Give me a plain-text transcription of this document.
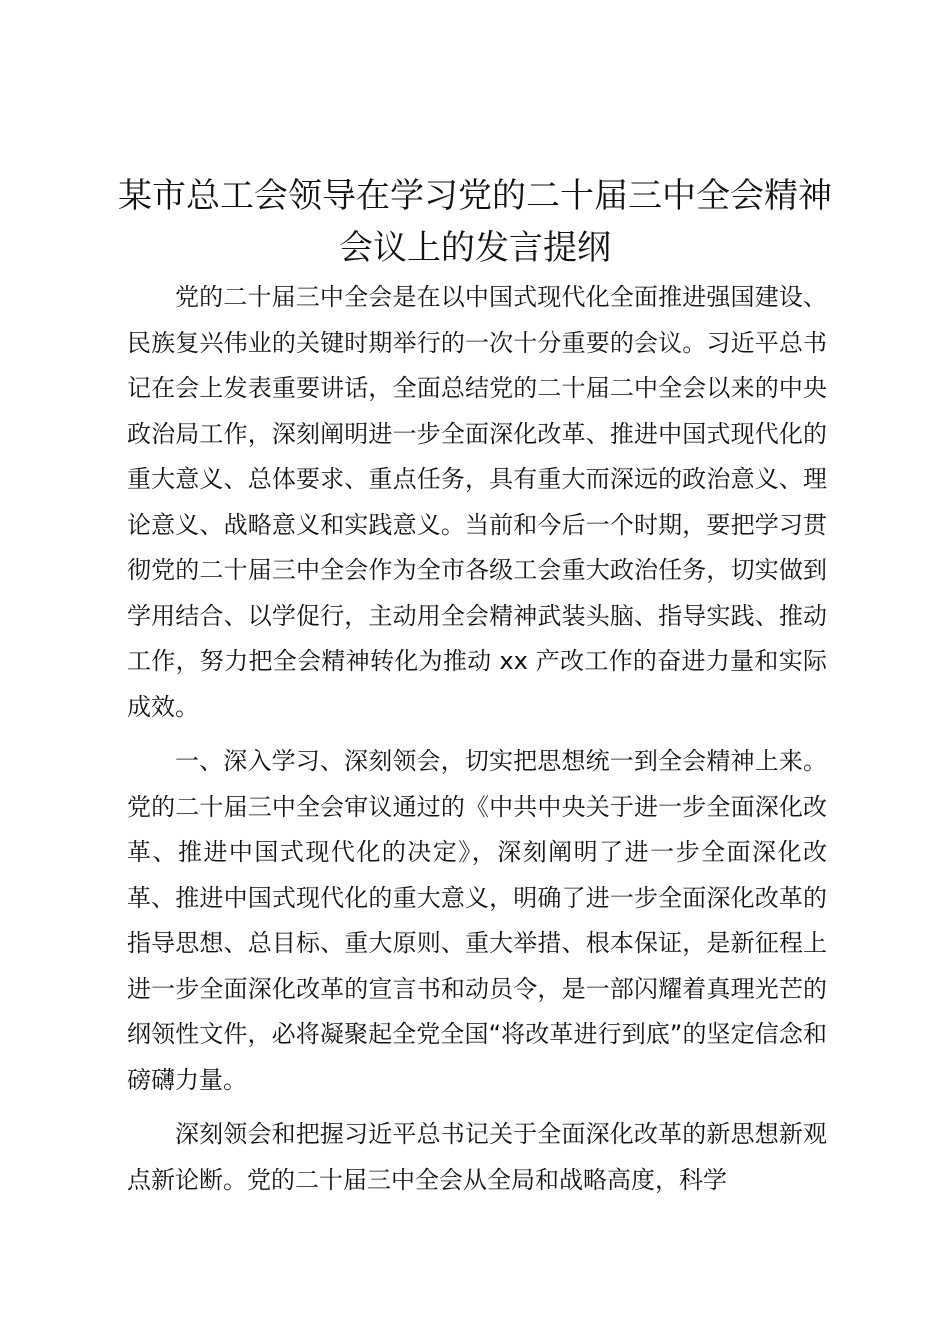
某市总工会领导在学习党的二十届三中全会精神会议上的发言提纲

党的二十届三中全会是在以中国式现代化全面推进强国建设、民族复兴伟业的关键时期举行的一次十分重要的会议。习近平总书记在会上发表重要讲话，全面总结党的二十届二中全会以来的中央政治局工作，深刻阐明进一步全面深化改革、推进中国式现代化的重大意义、总体要求、重点任务，具有重大而深远的政治意义、理论意义、战略意义和实践意义。当前和今后一个时期，要把学习贯彻党的二十届三中全会作为全市各级工会重大政治任务，切实做到学用结合、以学促行，主动用全会精神武装头脑、指导实践、推动工作，努力把全会精神转化为推动 xx 产改工作的奋进力量和实际成效。

一、深入学习、深刻领会，切实把思想统一到全会精神上来。党的二十届三中全会审议通过的《中共中央关于进一步全面深化改革、推进中国式现代化的决定》，深刻阐明了进一步全面深化改革、推进中国式现代化的重大意义，明确了进一步全面深化改革的指导思想、总目标、重大原则、重大举措、根本保证，是新征程上进一步全面深化改革的宣言书和动员令，是一部闪耀着真理光芒的纲领性文件，必将凝聚起全党全国“将改革进行到底”的坚定信念和磅礴力量。

深刻领会和把握习近平总书记关于全面深化改革的新思想新观点新论断。党的二十届三中全会从全局和战略高度，科学
